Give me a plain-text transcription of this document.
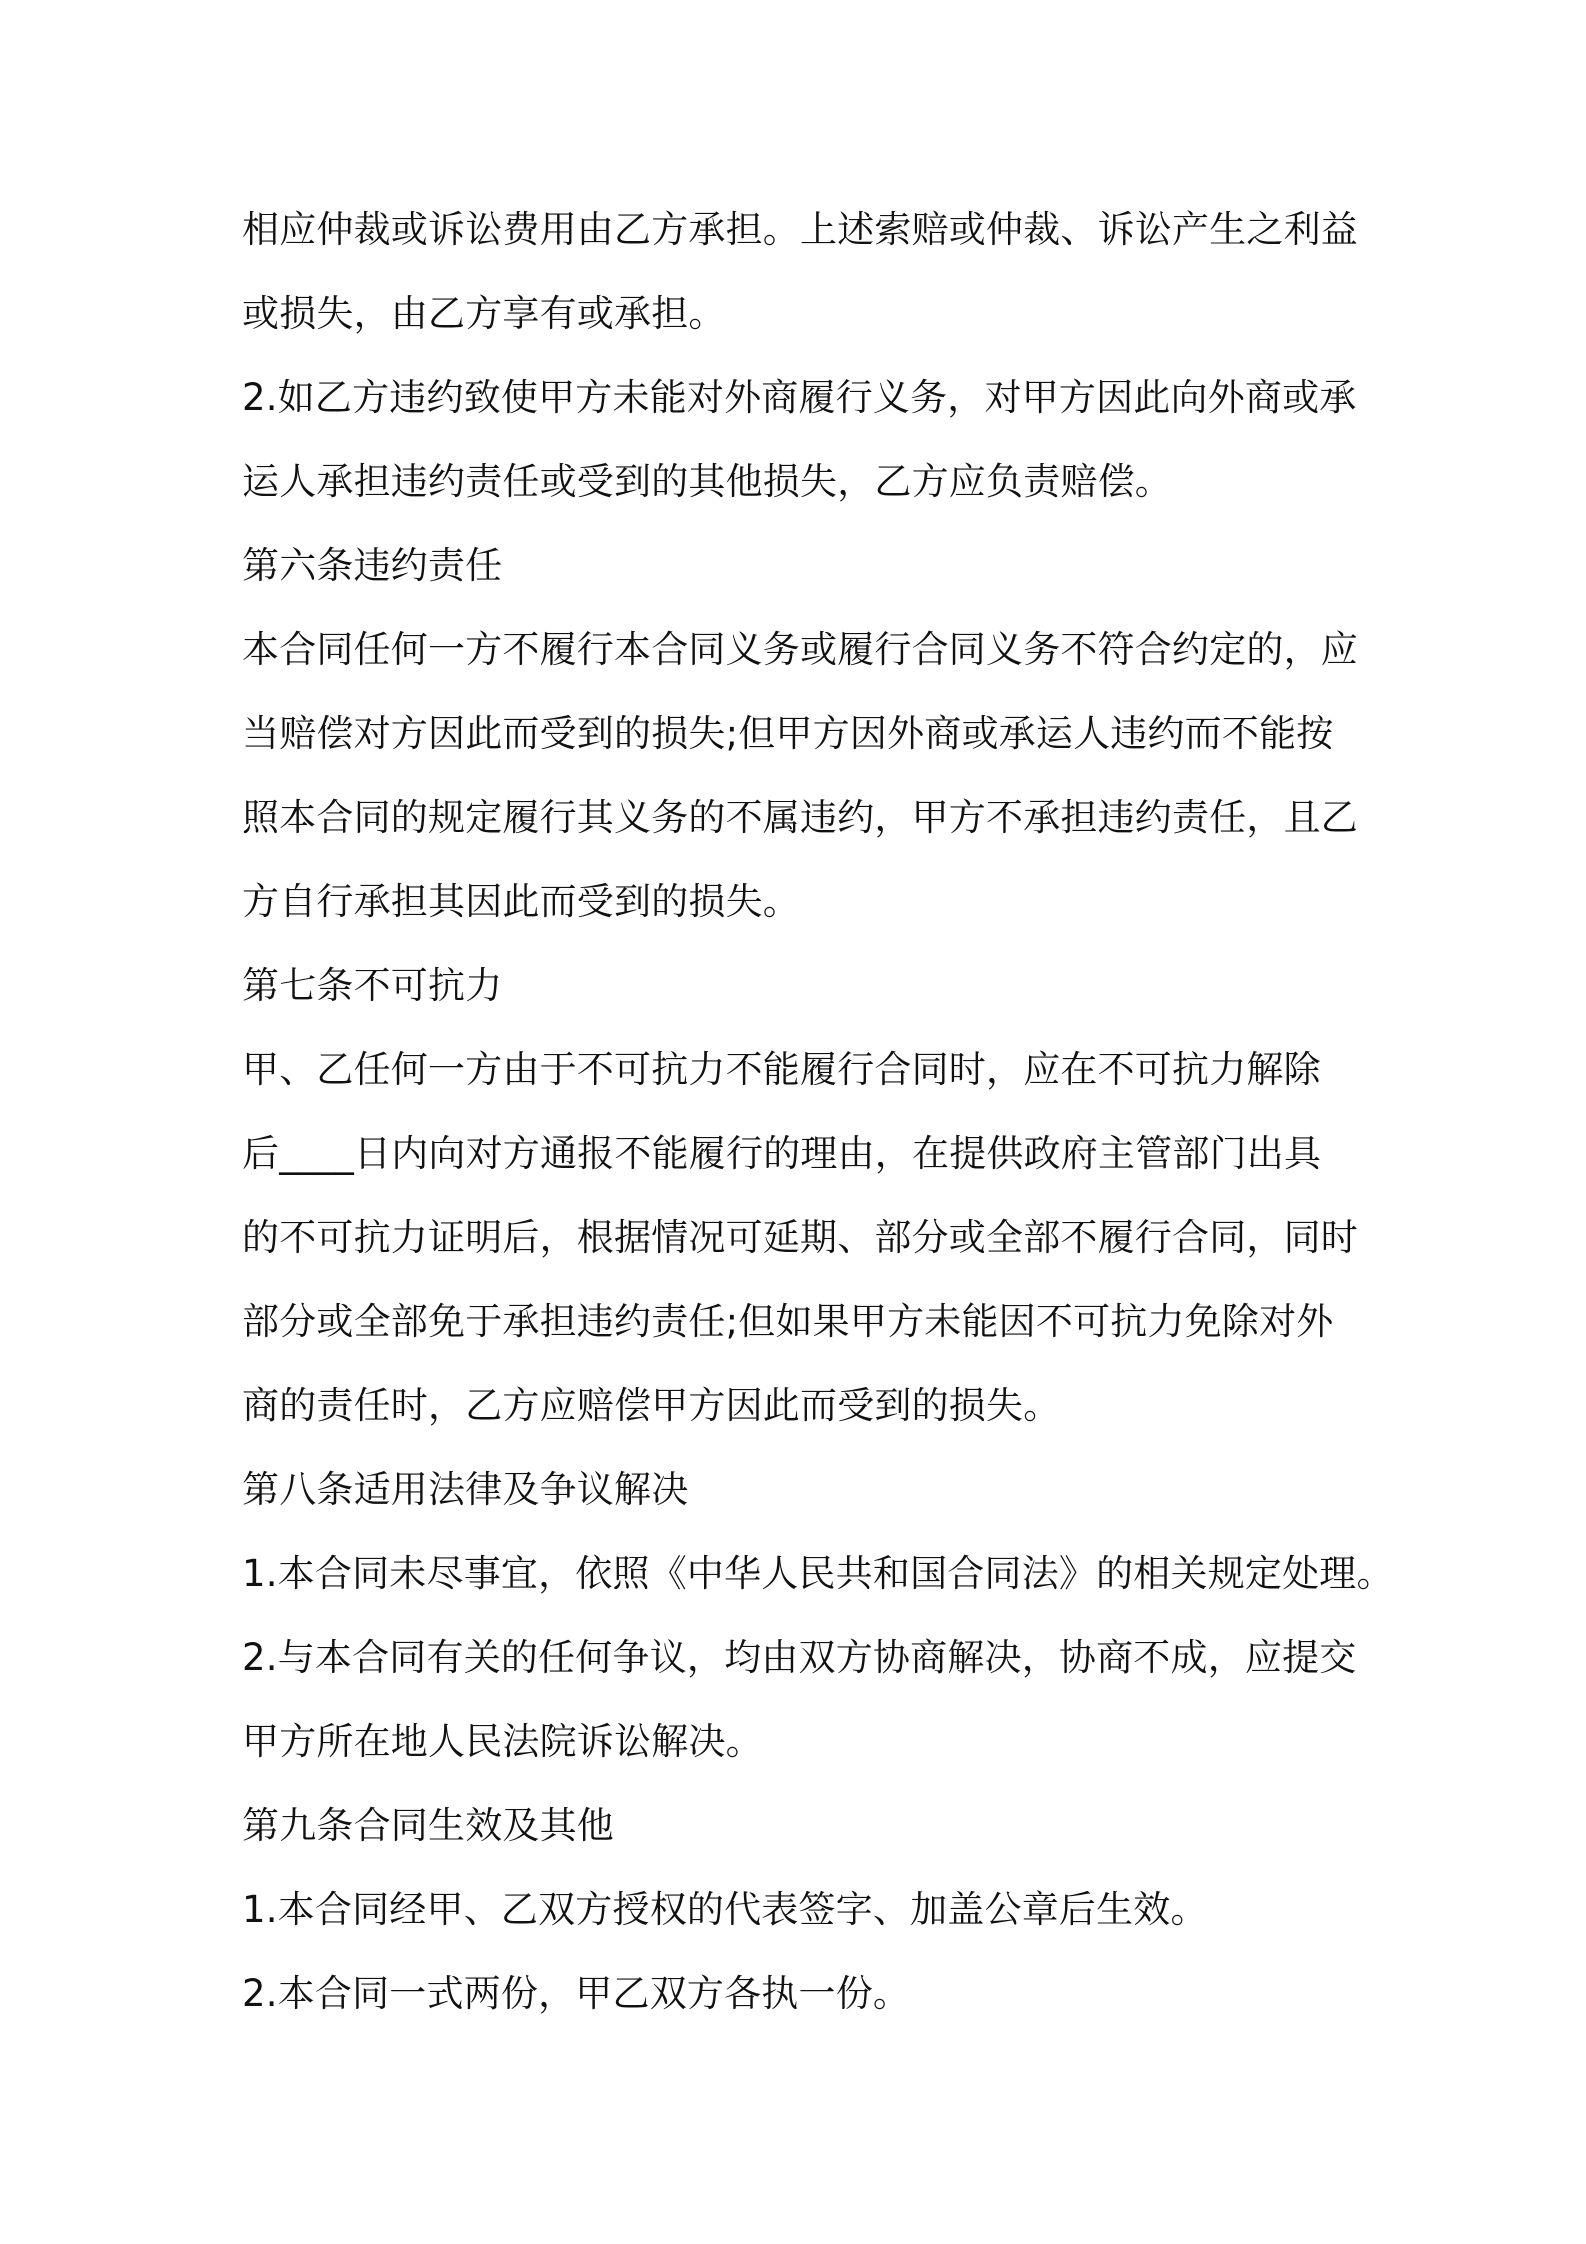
相应仲裁或诉讼费用由乙方承担。上述索赔或仲裁、诉讼产生之利益
或损失，由乙方享有或承担。
2.如乙方违约致使甲方未能对外商履行义务，对甲方因此向外商或承
运人承担违约责任或受到的其他损失，乙方应负责赔偿。
第六条违约责任
本合同任何一方不履行本合同义务或履行合同义务不符合约定的，应
当赔偿对方因此而受到的损失;但甲方因外商或承运人违约而不能按
照本合同的规定履行其义务的不属违约，甲方不承担违约责任，且乙
方自行承担其因此而受到的损失。
第七条不可抗力
甲、乙任何一方由于不可抗力不能履行合同时，应在不可抗力解除
后____日内向对方通报不能履行的理由，在提供政府主管部门出具
的不可抗力证明后，根据情况可延期、部分或全部不履行合同，同时
部分或全部免于承担违约责任;但如果甲方未能因不可抗力免除对外
商的责任时，乙方应赔偿甲方因此而受到的损失。
第八条适用法律及争议解决
1.本合同未尽事宜，依照《中华人民共和国合同法》的相关规定处理。
2.与本合同有关的任何争议，均由双方协商解决，协商不成，应提交
甲方所在地人民法院诉讼解决。
第九条合同生效及其他
1.本合同经甲、乙双方授权的代表签字、加盖公章后生效。
2.本合同一式两份，甲乙双方各执一份。
